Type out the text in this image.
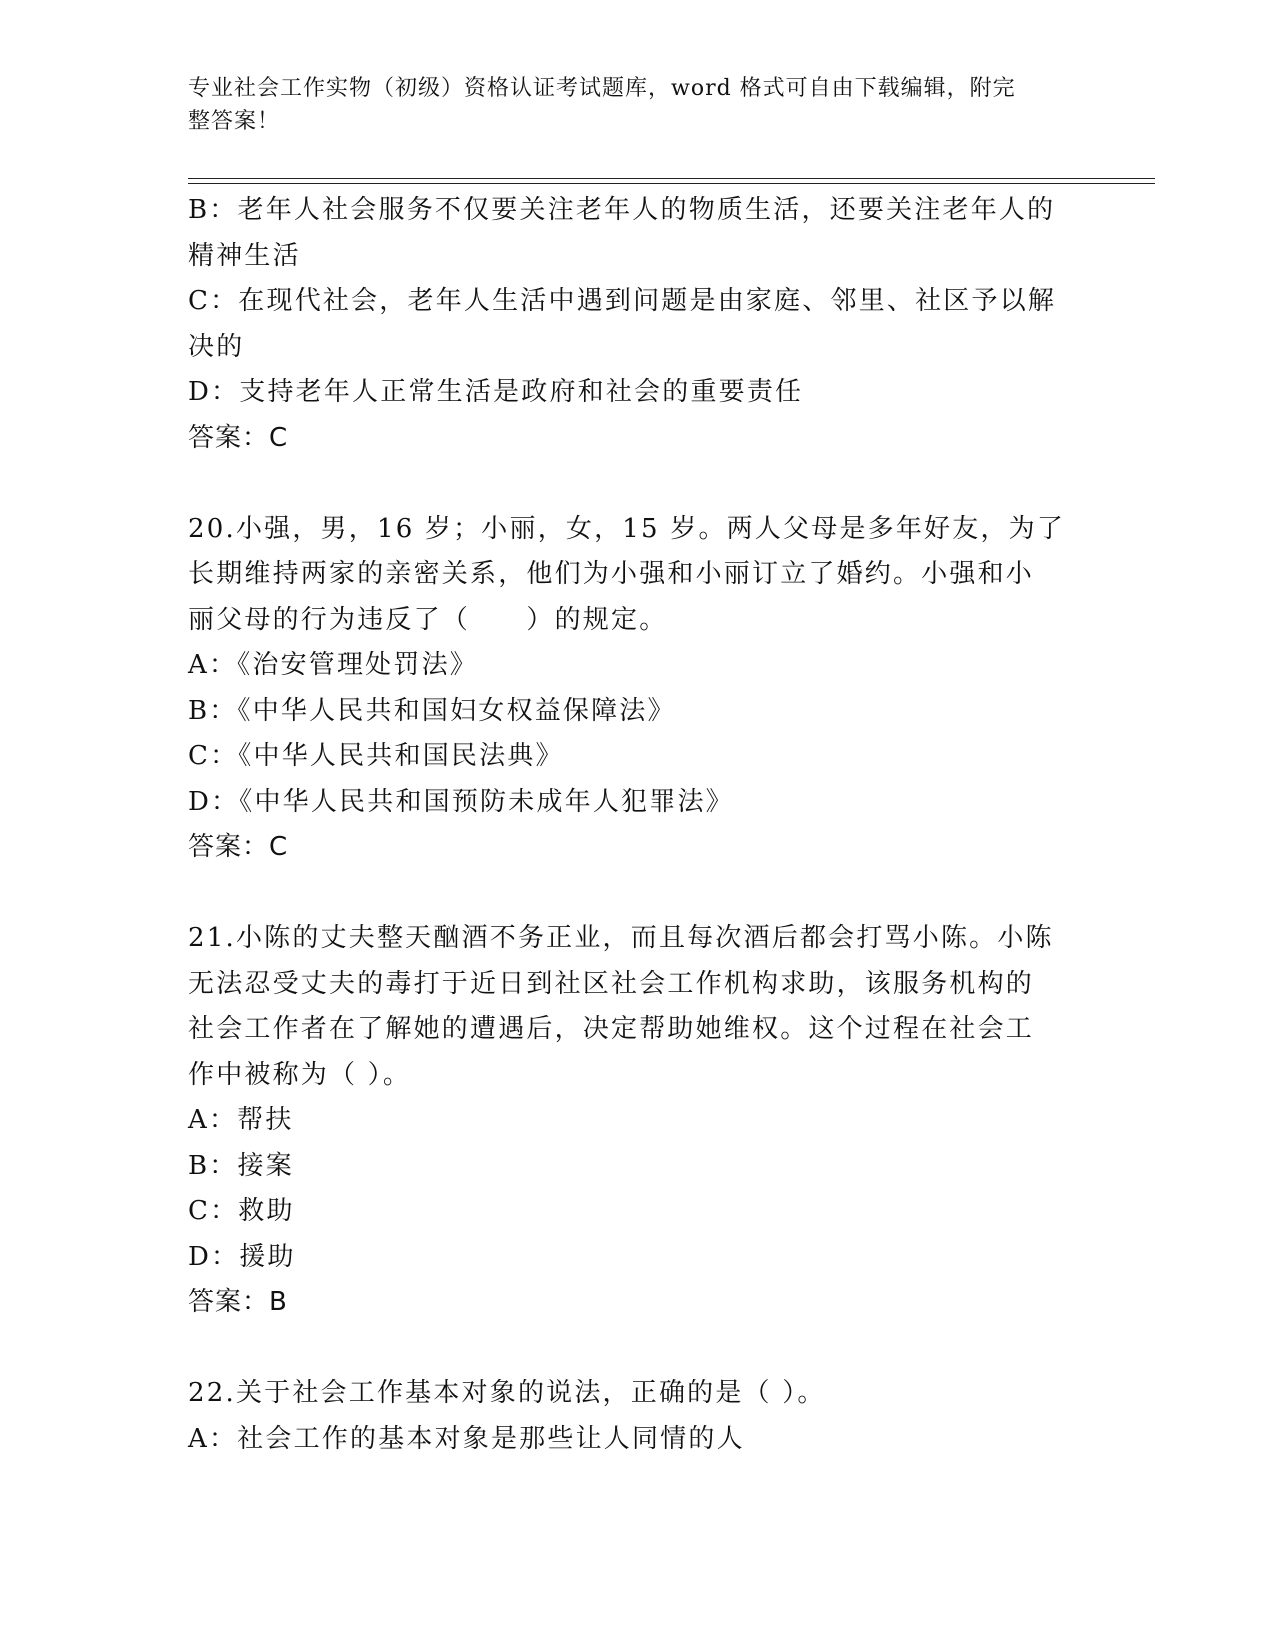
专业社会工作实物（初级）资格认证考试题库，word 格式可自由下载编辑，附完
整答案！

B：老年人社会服务不仅要关注老年人的物质生活，还要关注老年人的

精神生活

C：在现代社会，老年人生活中遇到问题是由家庭、邻里、社区予以解

决的

D：支持老年人正常生活是政府和社会的重要责任

答案：C

20.小强，男，16 岁；小丽，女，15 岁。两人父母是多年好友，为了

长期维持两家的亲密关系，他们为小强和小丽订立了婚约。小强和小

丽父母的行为违反了（　　）的规定。

A：《治安管理处罚法》

B：《中华人民共和国妇女权益保障法》

C：《中华人民共和国民法典》

D：《中华人民共和国预防未成年人犯罪法》

答案：C

21.小陈的丈夫整天酗酒不务正业，而且每次酒后都会打骂小陈。小陈

无法忍受丈夫的毒打于近日到社区社会工作机构求助，该服务机构的

社会工作者在了解她的遭遇后，决定帮助她维权。这个过程在社会工

作中被称为（ ）。

A：帮扶

B：接案

C：救助

D：援助

答案：B

22.关于社会工作基本对象的说法，正确的是（ ）。

A：社会工作的基本对象是那些让人同情的人
